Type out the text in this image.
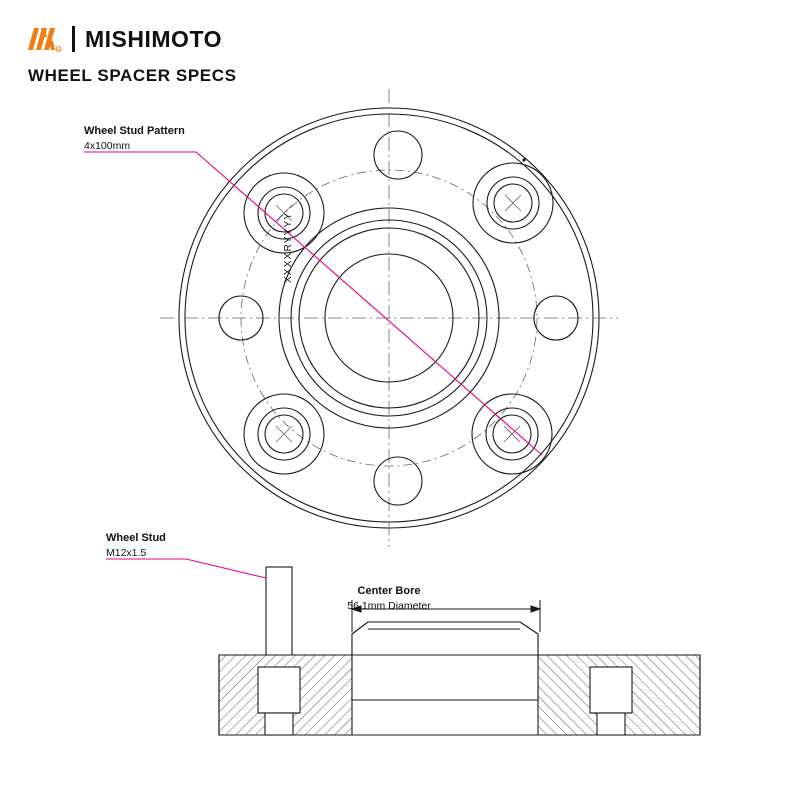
R MISHIMOTO
WHEEL SPACER SPECS
Wheel Stud Pattern
4x100mm
Wheel Stud
M12x1.5
Center Bore
56.1mm Diameter
XXXXRYYYY
